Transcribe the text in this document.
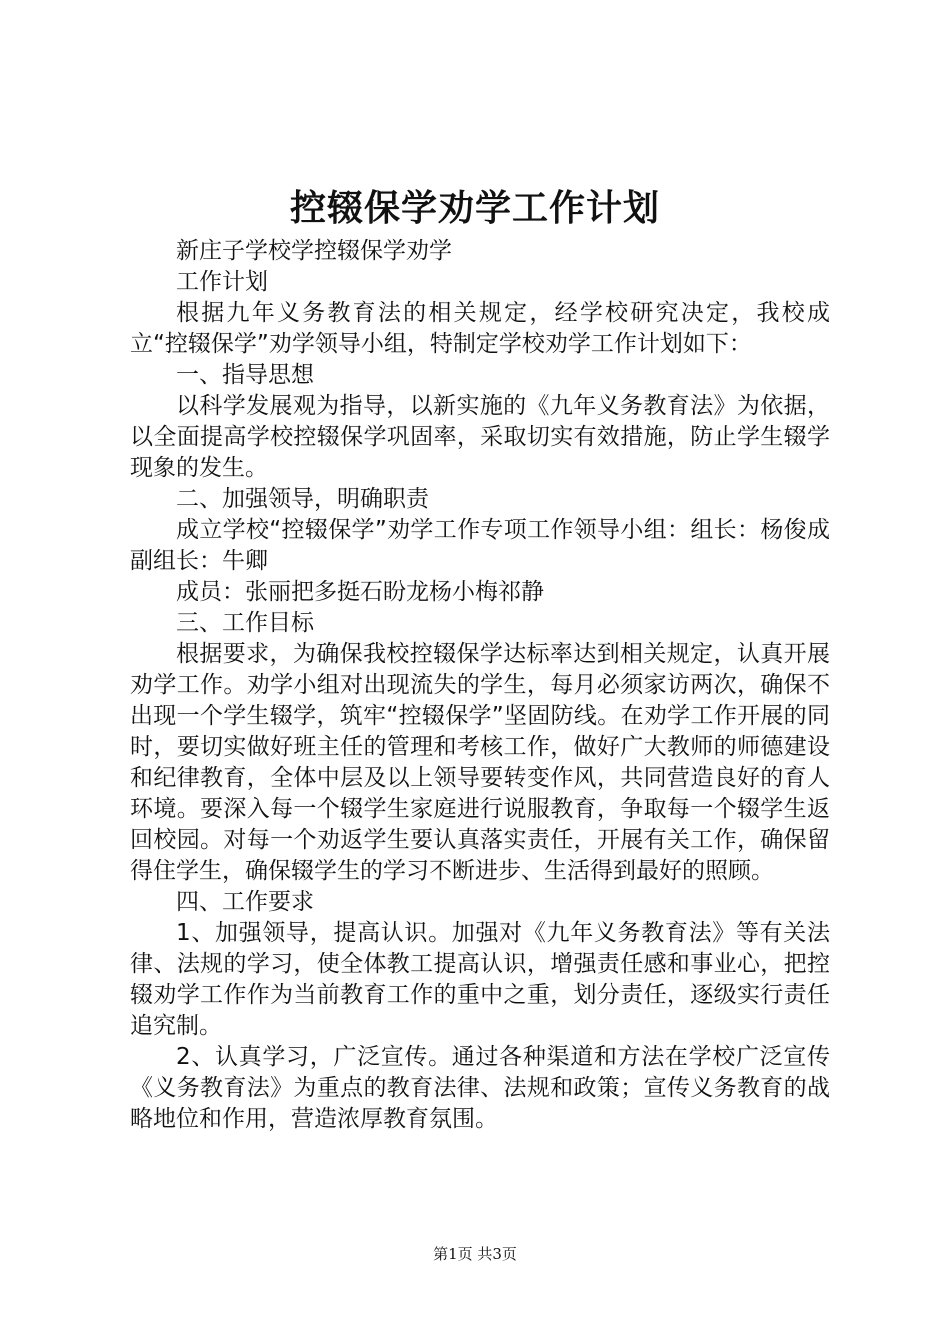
控辍保学劝学工作计划

新庄子学校学控辍保学劝学

工作计划

根据九年义务教育法的相关规定，经学校研究决定，我校成立“控辍保学”劝学领导小组，特制定学校劝学工作计划如下：

一、指导思想

以科学发展观为指导，以新实施的《九年义务教育法》为依据，以全面提高学校控辍保学巩固率，采取切实有效措施，防止学生辍学现象的发生。

二、加强领导，明确职责

成立学校“控辍保学”劝学工作专项工作领导小组：组长：杨俊成副组长：牛卿

成员：张丽把多挺石盼龙杨小梅祁静

三、工作目标

根据要求，为确保我校控辍保学达标率达到相关规定，认真开展劝学工作。劝学小组对出现流失的学生，每月必须家访两次，确保不出现一个学生辍学，筑牢“控辍保学”坚固防线。在劝学工作开展的同时，要切实做好班主任的管理和考核工作，做好广大教师的师德建设和纪律教育，全体中层及以上领导要转变作风，共同营造良好的育人环境。要深入每一个辍学生家庭进行说服教育，争取每一个辍学生返回校园。对每一个劝返学生要认真落实责任，开展有关工作，确保留得住学生，确保辍学生的学习不断进步、生活得到最好的照顾。

四、工作要求

1、加强领导，提高认识。加强对《九年义务教育法》等有关法律、法规的学习，使全体教工提高认识，增强责任感和事业心，把控辍劝学工作作为当前教育工作的重中之重，划分责任，逐级实行责任追究制。

2、认真学习，广泛宣传。通过各种渠道和方法在学校广泛宣传《义务教育法》为重点的教育法律、法规和政策；宣传义务教育的战略地位和作用，营造浓厚教育氛围。

第1页 共3页
